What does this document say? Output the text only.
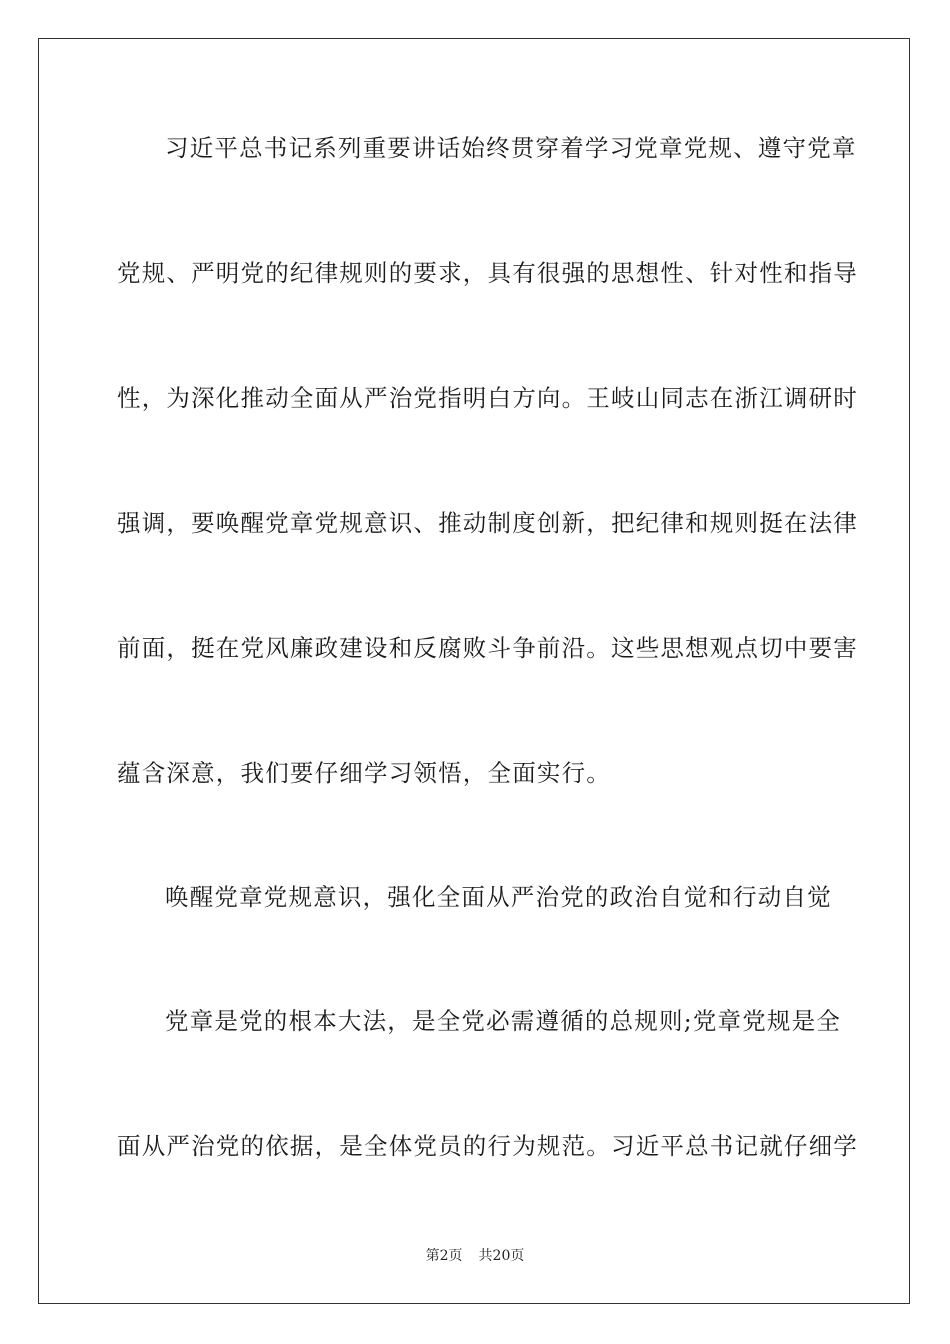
习近平总书记系列重要讲话始终贯穿着学习党章党规、遵守党章
党规、严明党的纪律规则的要求，具有很强的思想性、针对性和指导
性，为深化推动全面从严治党指明白方向。王岐山同志在浙江调研时
强调，要唤醒党章党规意识、推动制度创新，把纪律和规则挺在法律
前面，挺在党风廉政建设和反腐败斗争前沿。这些思想观点切中要害
蕴含深意，我们要仔细学习领悟，全面实行。
唤醒党章党规意识，强化全面从严治党的政治自觉和行动自觉
党章是党的根本大法，是全党必需遵循的总规则;党章党规是全
面从严治党的依据，是全体党员的行为规范。习近平总书记就仔细学
第2页 共20页
